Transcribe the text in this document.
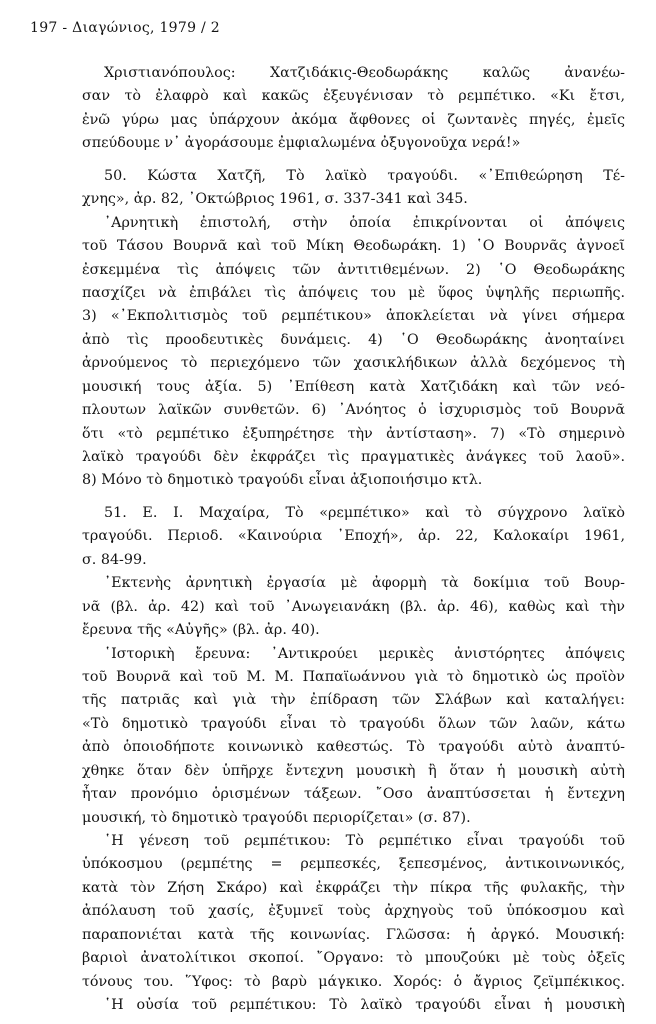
197 - Διαγώνιος, 1979 / 2
Χριστιανόπουλος: Χατζιδάκις-Θεοδωράκης καλῶς ἀνανέω-
σαν τὸ ἐλαφρὸ καὶ κακῶς ἐξευγένισαν τὸ ρεμπέτικο. «Κι ἔτσι,
ἐνῶ γύρω μας ὑπάρχουν ἀκόμα ἄφθονες οἱ ζωντανὲς πηγές, ἐμεῖς
σπεύδουμε ν᾽ ἀγοράσουμε ἐμφιαλωμένα ὀξυγονοῦχα νερά!»
50. Κώστα Χατζῆ, Τὸ λαϊκὸ τραγούδι. «᾽Επιθεώρηση Τέ-
χνης», ἀρ. 82, ᾽Οκτώβριος 1961, σ. 337-341 καὶ 345.
᾽Αρνητικὴ ἐπιστολή, στὴν ὁποία ἐπικρίνονται οἱ ἀπόψεις
τοῦ Τάσου Βουρνᾶ καὶ τοῦ Μίκη Θεοδωράκη. 1) ῾Ο Βουρνᾶς ἀγνοεῖ
ἐσκεμμένα τὶς ἀπόψεις τῶν ἀντιτιθεμένων. 2) ῾Ο Θεοδωράκης
πασχίζει νὰ ἐπιβάλει τὶς ἀπόψεις του μὲ ὕφος ὑψηλῆς περιωπῆς.
3) «᾽Εκπολιτισμὸς τοῦ ρεμπέτικου» ἀποκλείεται νὰ γίνει σήμερα
ἀπὸ τὶς προοδευτικὲς δυνάμεις. 4) ῾Ο Θεοδωράκης ἀνοηταίνει
ἀρνούμενος τὸ περιεχόμενο τῶν χασικλήδικων ἀλλὰ δεχόμενος τὴ
μουσική τους ἀξία. 5) ᾽Επίθεση κατὰ Χατζιδάκη καὶ τῶν νεό-
πλουτων λαϊκῶν συνθετῶν. 6) ᾽Ανόητος ὁ ἰσχυρισμὸς τοῦ Βουρνᾶ
ὅτι «τὸ ρεμπέτικο ἐξυπηρέτησε τὴν ἀντίσταση». 7) «Τὸ σημερινὸ
λαϊκὸ τραγούδι δὲν ἐκφράζει τὶς πραγματικὲς ἀνάγκες τοῦ λαοῦ».
8) Μόνο τὸ δημοτικὸ τραγούδι εἶναι ἀξιοποιήσιμο κτλ.
51. Ε. Ι. Μαχαίρα, Τὸ «ρεμπέτικο» καὶ τὸ σύγχρονο λαϊκὸ
τραγούδι. Περιοδ. «Καινούρια ᾽Εποχή», ἀρ. 22, Καλοκαίρι 1961,
σ. 84-99.
᾽Εκτενὴς ἀρνητικὴ ἐργασία μὲ ἀφορμὴ τὰ δοκίμια τοῦ Βουρ-
νᾶ (βλ. ἀρ. 42) καὶ τοῦ ᾽Ανωγειανάκη (βλ. ἀρ. 46), καθὼς καὶ τὴν
ἔρευνα τῆς «Αὐγῆς» (βλ. ἀρ. 40).
῾Ιστορικὴ ἔρευνα: ᾽Αντικρούει μερικὲς ἀνιστόρητες ἀπόψεις
τοῦ Βουρνᾶ καὶ τοῦ Μ. Μ. Παπαϊωάννου γιὰ τὸ δημοτικὸ ὡς προϊὸν
τῆς πατριᾶς καὶ γιὰ τὴν ἐπίδραση τῶν Σλάβων καὶ καταλήγει:
«Τὸ δημοτικὸ τραγούδι εἶναι τὸ τραγούδι ὅλων τῶν λαῶν, κάτω
ἀπὸ ὁποιοδήποτε κοινωνικὸ καθεστώς. Τὸ τραγούδι αὐτὸ ἀναπτύ-
χθηκε ὅταν δὲν ὑπῆρχε ἔντεχνη μουσικὴ ἢ ὅταν ἡ μουσικὴ αὐτὴ
ἦταν προνόμιο ὁρισμένων τάξεων. ῎Οσο ἀναπτύσσεται ἡ ἔντεχνη
μουσική, τὸ δημοτικὸ τραγούδι περιορίζεται» (σ. 87).
῾Η γένεση τοῦ ρεμπέτικου: Τὸ ρεμπέτικο εἶναι τραγούδι τοῦ
ὑπόκοσμου (ρεμπέτης = ρεμπεσκές, ξεπεσμένος, ἀντικοινωνικός,
κατὰ τὸν Ζήση Σκάρο) καὶ ἐκφράζει τὴν πίκρα τῆς φυλακῆς, τὴν
ἀπόλαυση τοῦ χασίς, ἐξυμνεῖ τοὺς ἀρχηγοὺς τοῦ ὑπόκοσμου καὶ
παραπονιέται κατὰ τῆς κοινωνίας. Γλῶσσα: ἡ ἀργκό. Μουσική:
βαριοὶ ἀνατολίτικοι σκοποί. ῎Οργανο: τὸ μπουζούκι μὲ τοὺς ὀξεῖς
τόνους του. ῞Υφος: τὸ βαρὺ μάγκικο. Χορός: ὁ ἄγριος ζεϊμπέκικος.
῾Η οὐσία τοῦ ρεμπέτικου: Τὸ λαϊκὸ τραγούδι εἶναι ἡ μουσικὴ
